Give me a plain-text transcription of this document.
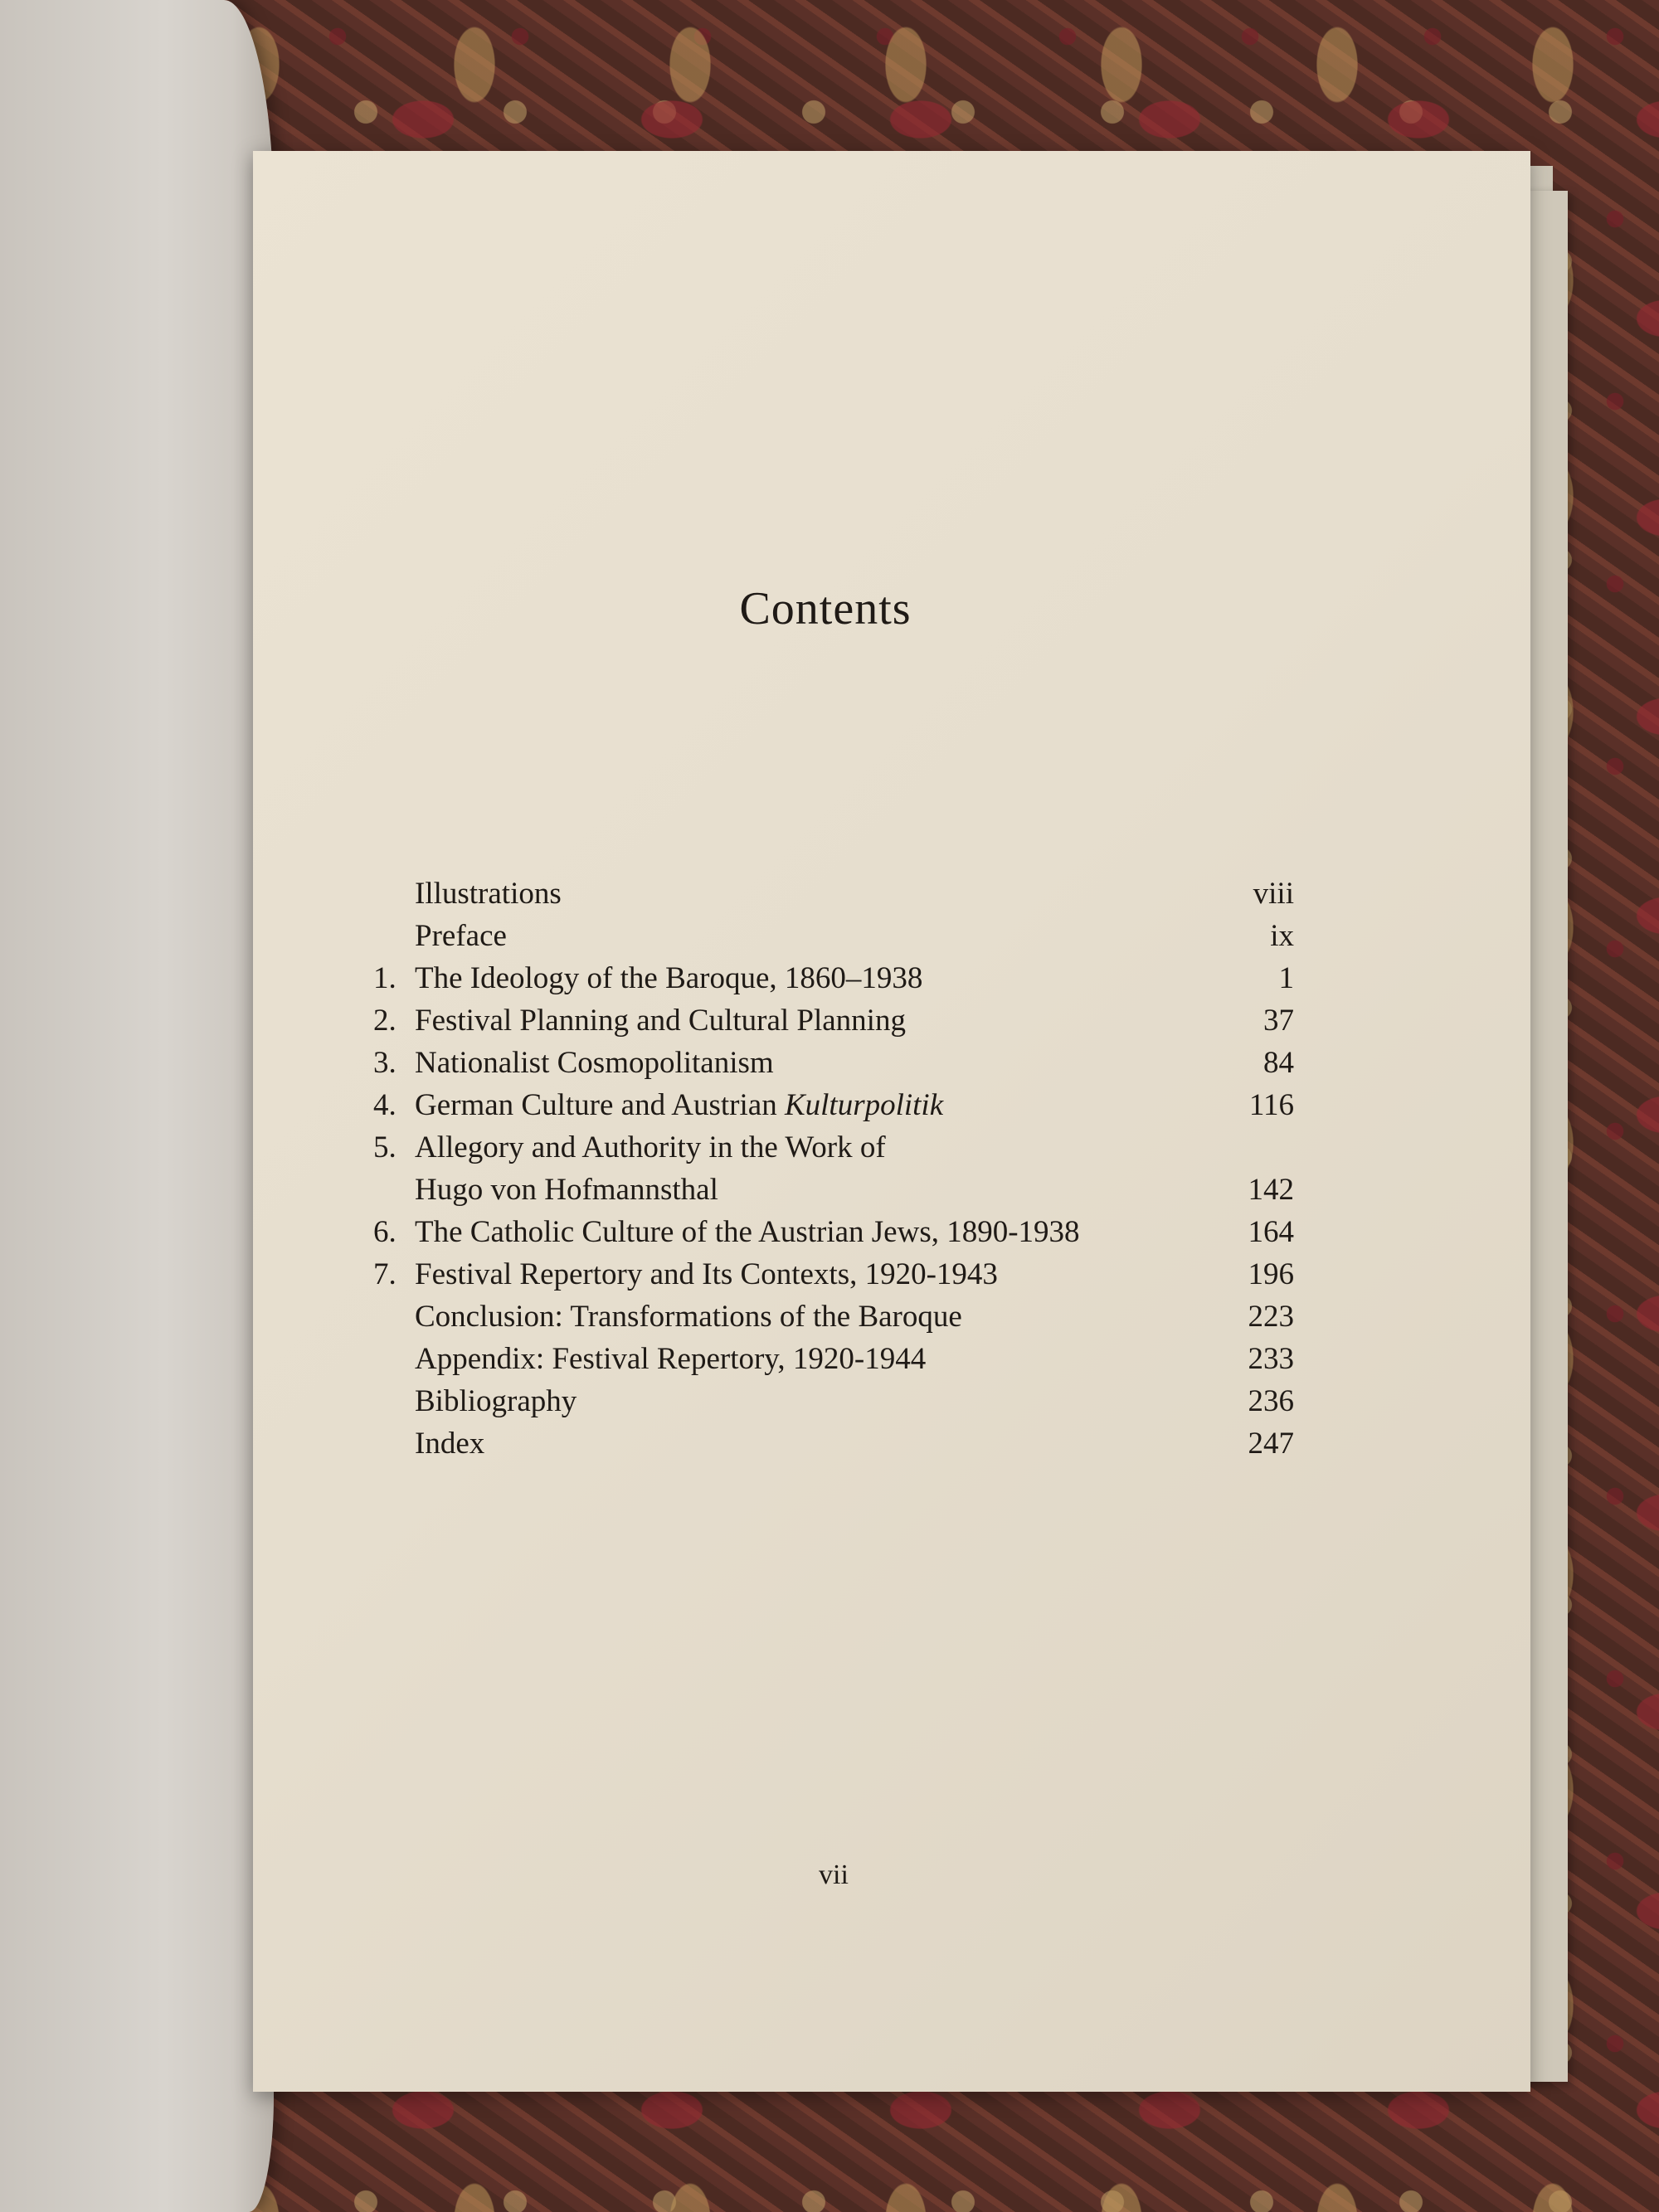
Contents
Illustrations	viii
Preface	ix
1. The Ideology of the Baroque, 1860–1938	1
2. Festival Planning and Cultural Planning	37
3. Nationalist Cosmopolitanism	84
4. German Culture and Austrian Kulturpolitik	116
5. Allegory and Authority in the Work of Hugo von Hofmannsthal	142
6. The Catholic Culture of the Austrian Jews, 1890-1938	164
7. Festival Repertory and Its Contexts, 1920-1943	196
Conclusion: Transformations of the Baroque	223
Appendix: Festival Repertory, 1920-1944	233
Bibliography	236
Index	247
vii
